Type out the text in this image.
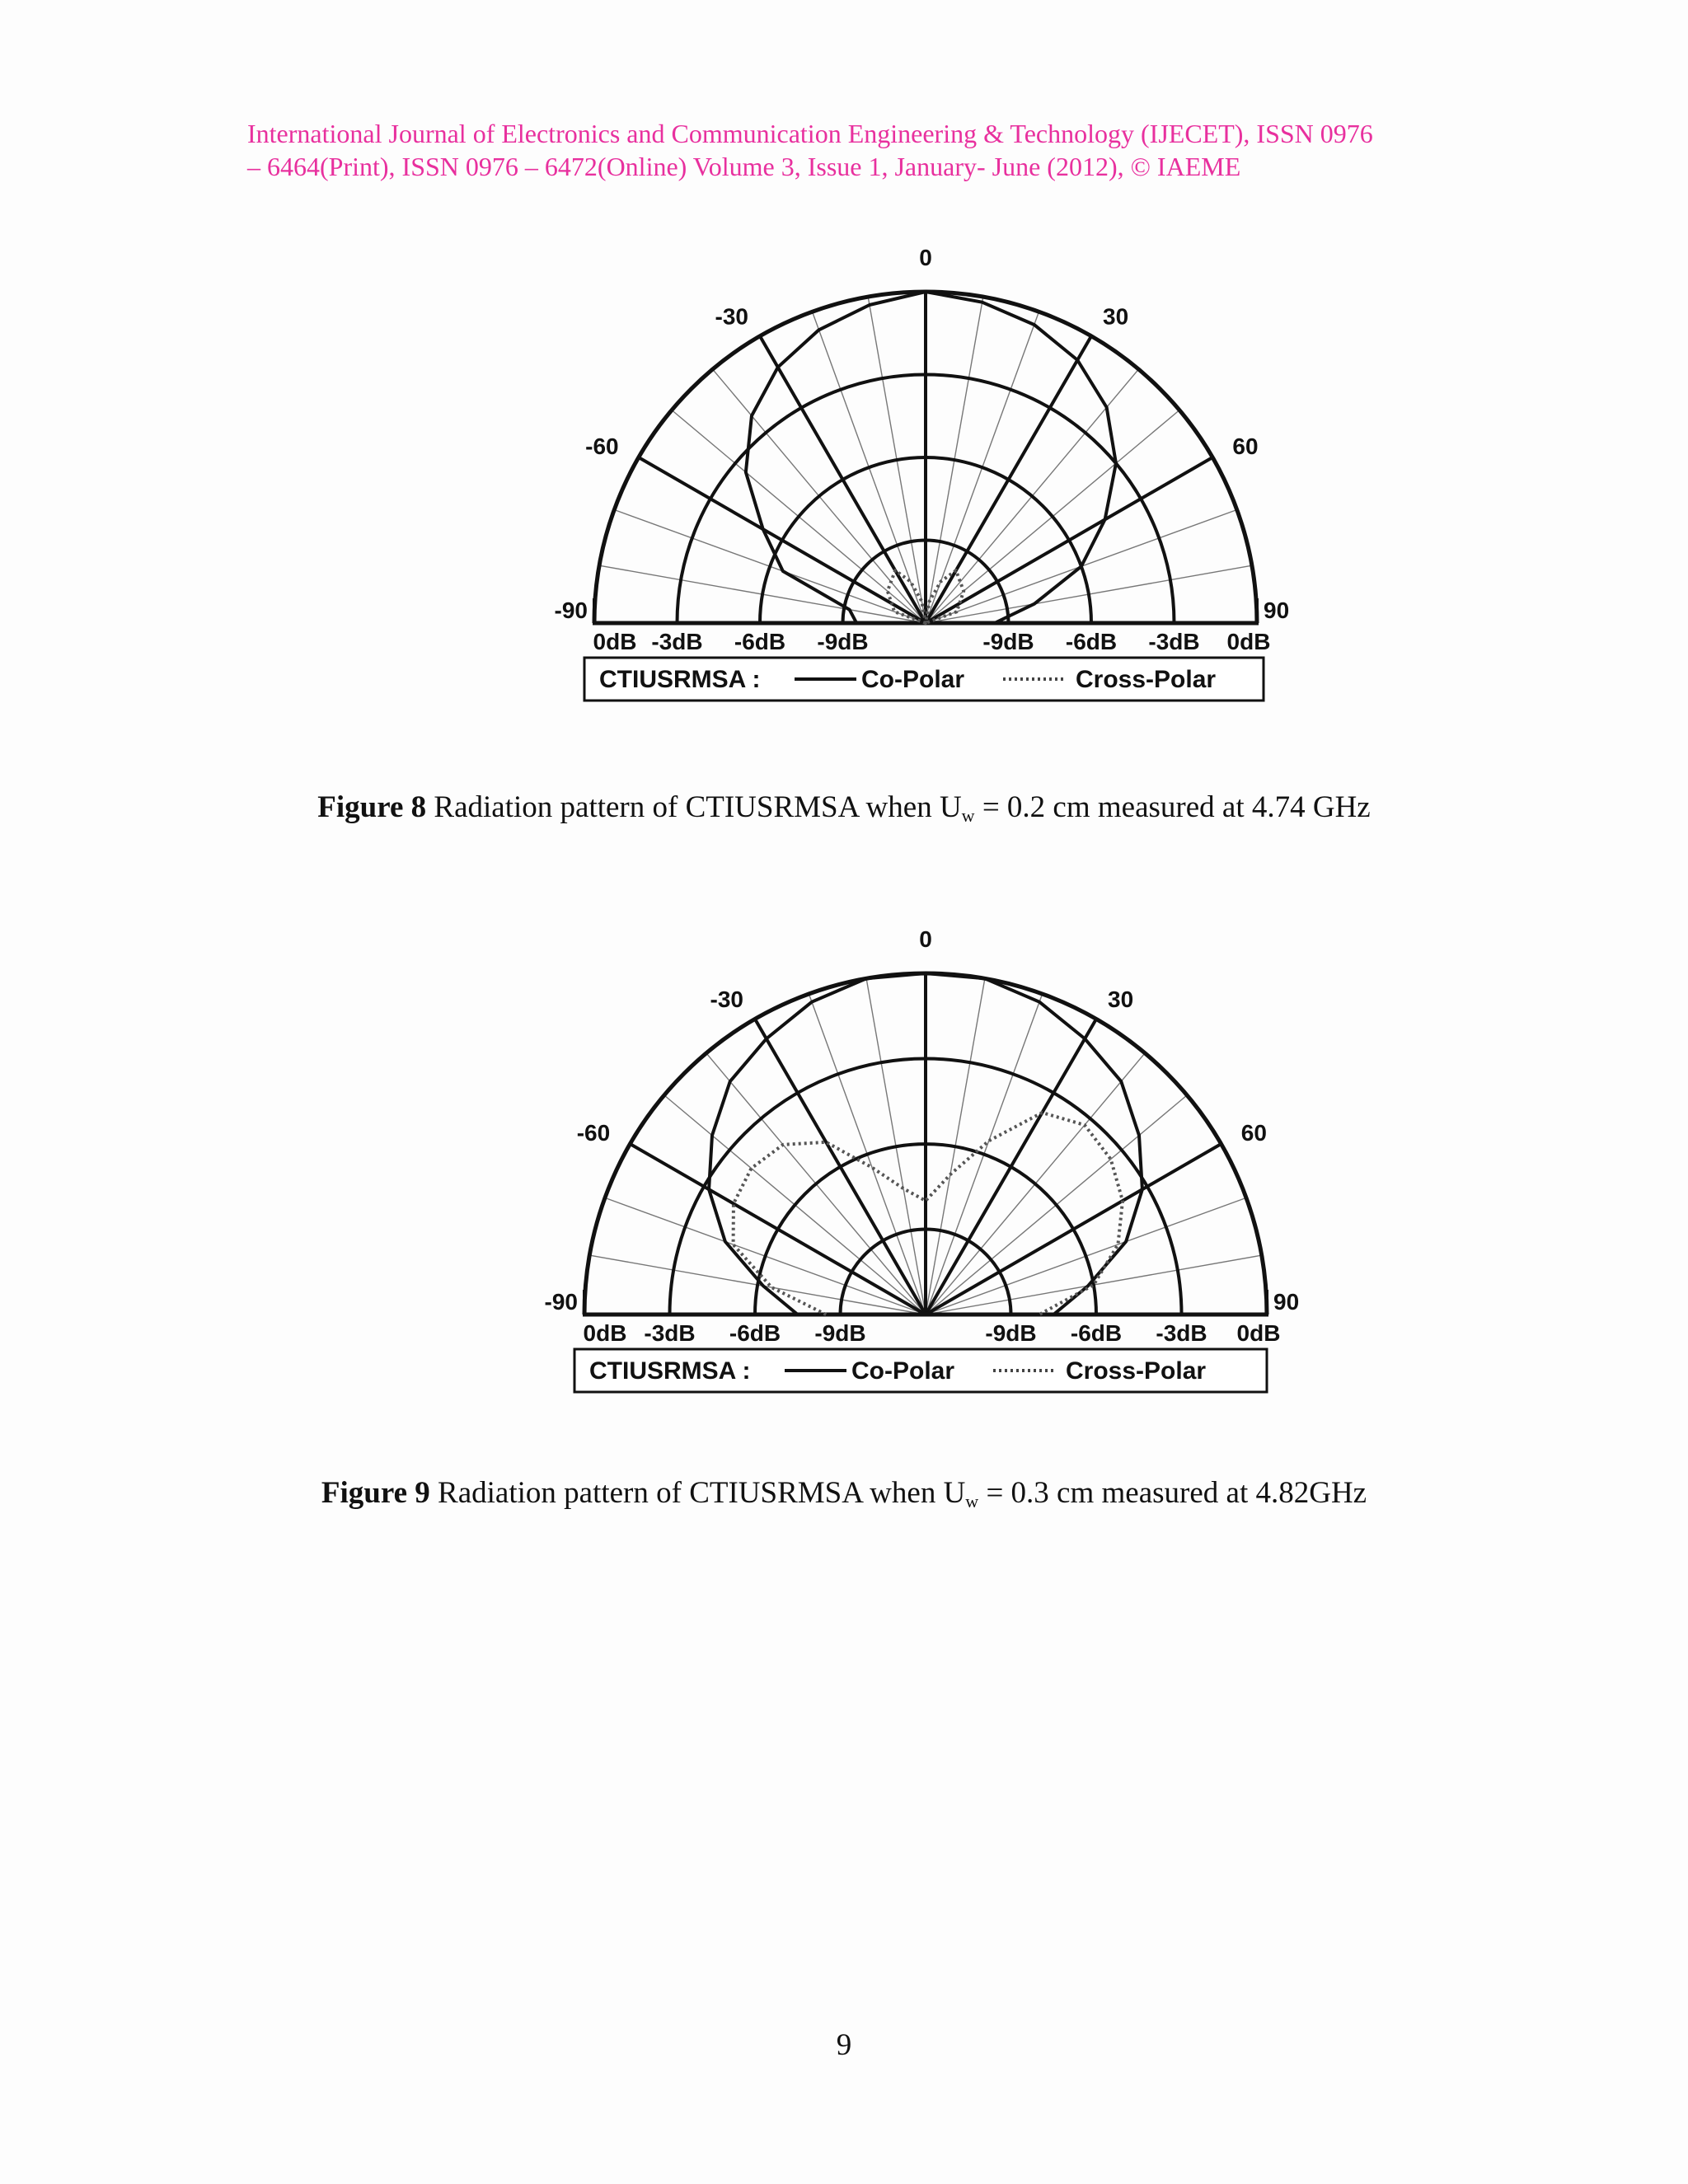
International Journal of Electronics and Communication Engineering & Technology (IJECET), ISSN 0976
– 6464(Print), ISSN 0976 – 6472(Online) Volume 3, Issue 1, January- June (2012), © IAEME
-90
-60
-30
0
30
60
90
0dB -3dB -6dB -9dB	-9dB -6dB -3dB 0dB
CTIUSRMSA :	Co-Polar	Cross-Polar
Figure 8 Radiation pattern of CTIUSRMSA when $U_w = 0.2$ cm measured at 4.74 GHz
-90
-60
-30
0
30
60
90
0dB -3dB -6dB -9dB	-9dB -6dB -3dB 0dB
CTIUSRMSA :	Co-Polar	Cross-Polar
Figure 9 Radiation pattern of CTIUSRMSA when $U_w = 0.3$ cm measured at 4.82GHz
9
